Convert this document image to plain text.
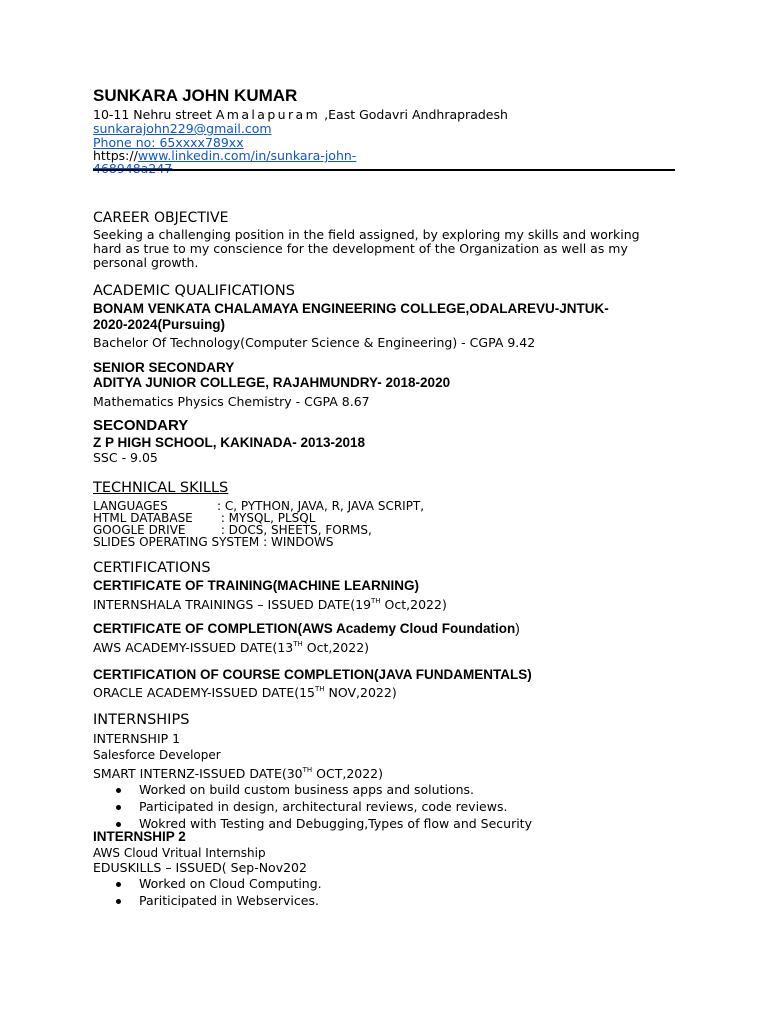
SUNKARA JOHN KUMAR
10-11 Nehru street Amalapuram ,East Godavri Andhrapradesh
sunkarajohn229@gmail.com
Phone no: 65xxxx789xx
https://www.linkedin.com/in/sunkara-john-
CAREER OBJECTIVE
Seeking a challenging position in the field assigned, by exploring my skills and working hard as true to my conscience for the development of the Organization as well as my personal growth.
ACADEMIC QUALIFICATIONS
BONAM VENKATA CHALAMAYA ENGINEERING COLLEGE,ODALAREVU-JNTUK-
2020-2024(Pursuing)
Bachelor Of Technology(Computer Science & Engineering) - CGPA 9.42
SENIOR SECONDARY
ADITYA JUNIOR COLLEGE, RAJAHMUNDRY- 2018-2020
Mathematics Physics Chemistry - CGPA 8.67
SECONDARY
Z P HIGH SCHOOL, KAKINADA- 2013-2018
SSC - 9.05
TECHNICAL SKILLS
LANGUAGES	: C, PYTHON, JAVA, R, JAVA SCRIPT,
HTML DATABASE : MYSQL, PLSQL
GOOGLE DRIVE	: DOCS, SHEETS, FORMS,
SLIDES OPERATING SYSTEM : WINDOWS
CERTIFICATIONS
CERTIFICATE OF TRAINING(MACHINE LEARNING)
INTERNSHALA TRAININGS – ISSUED DATE(19TH Oct,2022)
CERTIFICATE OF COMPLETION(AWS Academy Cloud Foundation)
AWS ACADEMY-ISSUED DATE(13TH Oct,2022)
CERTIFICATION OF COURSE COMPLETION(JAVA FUNDAMENTALS)
ORACLE ACADEMY-ISSUED DATE(15TH NOV,2022)
INTERNSHIPS
INTERNSHIP 1
Salesforce Developer
SMART INTERNZ-ISSUED DATE(30TH OCT,2022)
Worked on build custom business apps and solutions.
Participated in design, architectural reviews, code reviews.
Wokred with Testing and Debugging,Types of flow and Security
INTERNSHIP 2
AWS Cloud Vritual Internship
EDUSKILLS – ISSUED( Sep-Nov202
Worked on Cloud Computing.
Pariticipated in Webservices.
